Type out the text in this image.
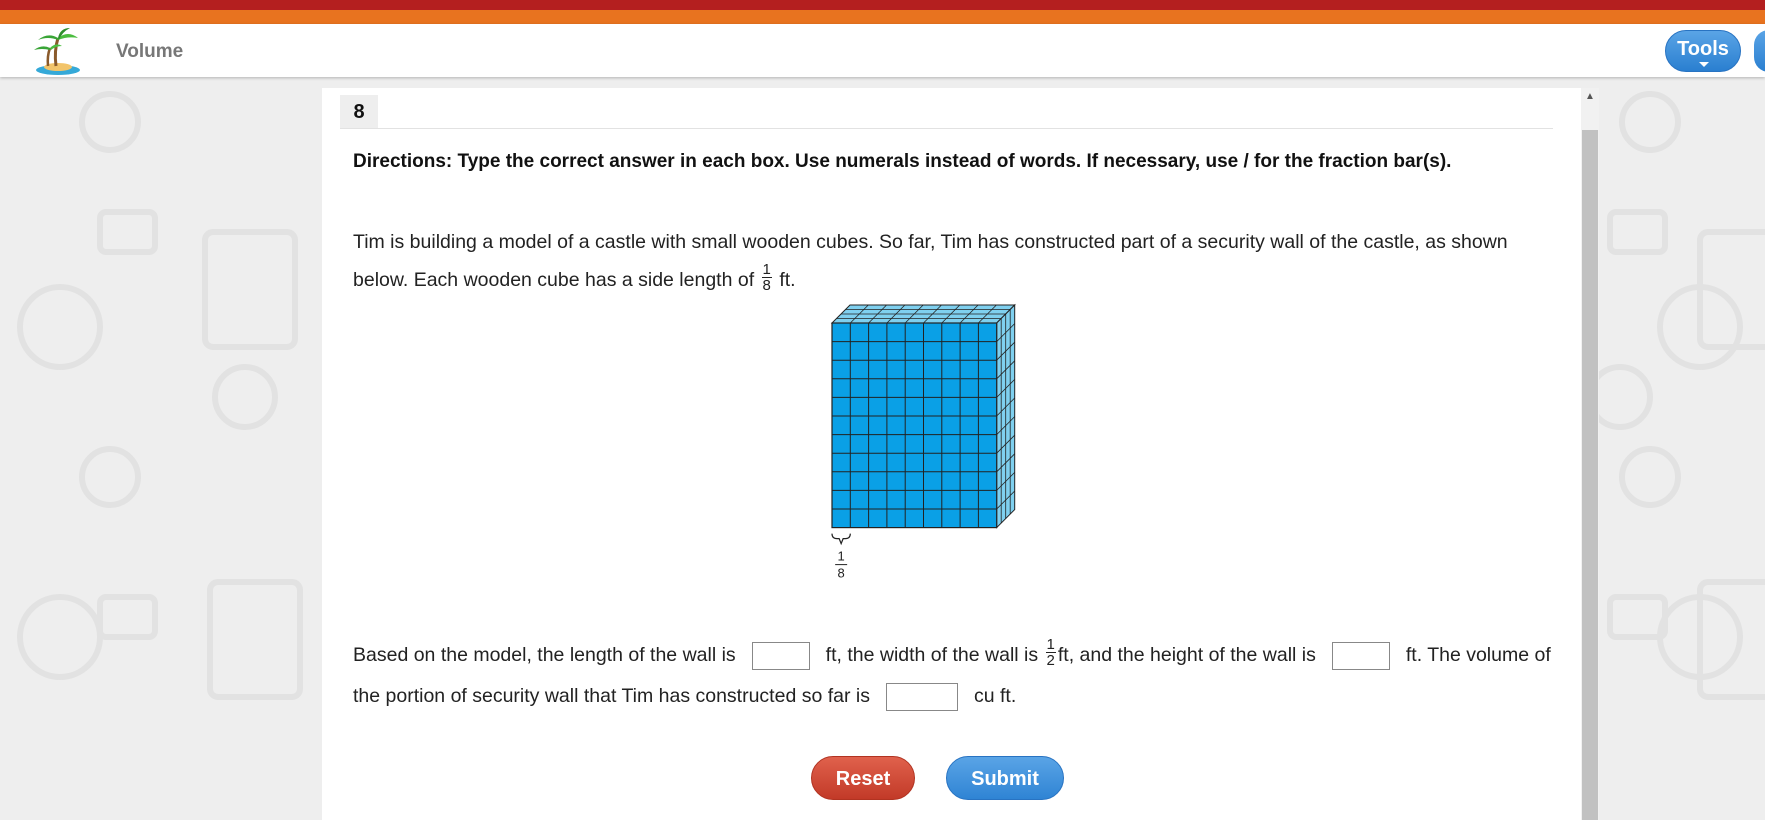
Volume	Tools
8
Directions: Type the correct answer in each box. Use numerals instead of words. If necessary, use / for the fraction bar(s).
Tim is building a model of a castle with small wooden cubes. So far, Tim has constructed part of a security wall of the castle, as shown below. Each wooden cube has a side length of $\frac{1}{8}$ ft.
1
8
Based on the model, the length of the wall is	ft, the width of the wall is $\frac{1}{2}$ ft, and the height of the wall is	ft. The volume of the portion of security wall that Tim has constructed so far is	cu ft.
Reset	Submit
▲
